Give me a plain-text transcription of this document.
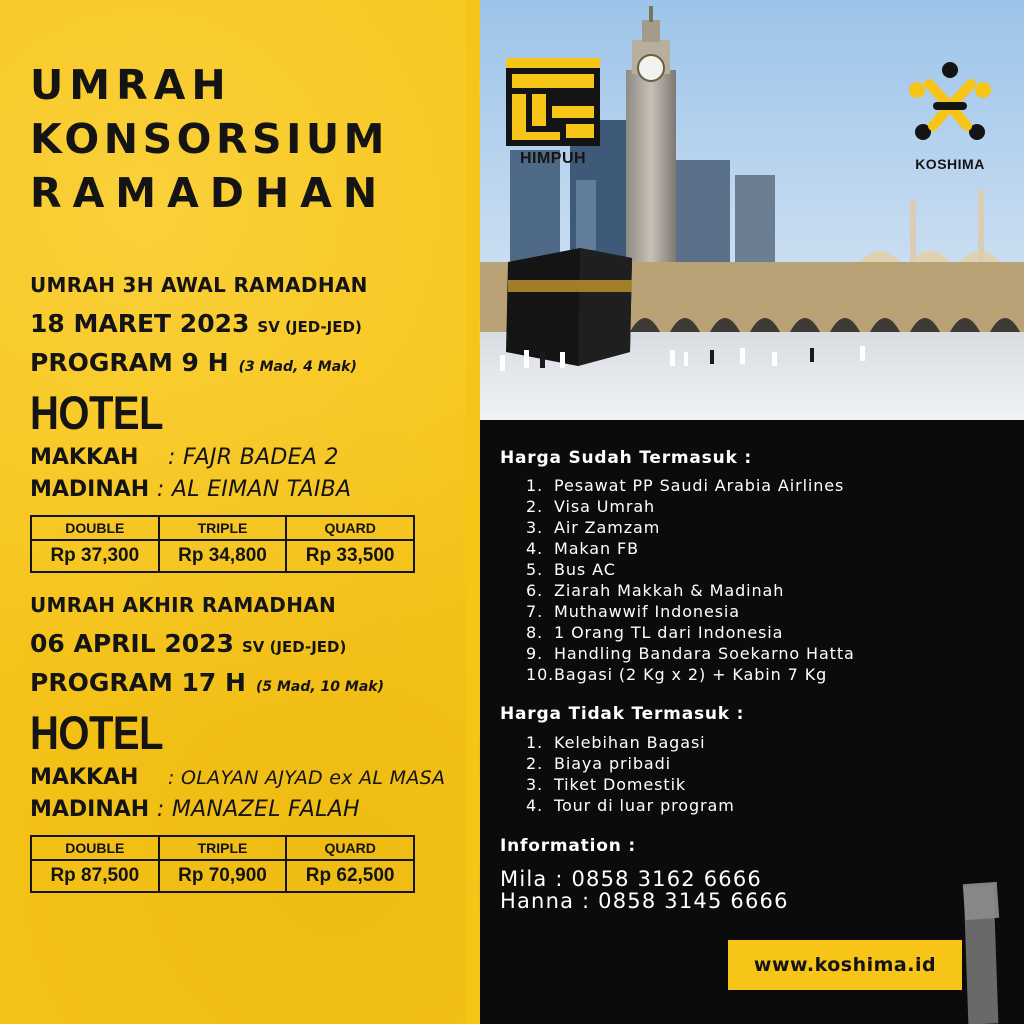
UMRAH
KONSORSIUM
RAMADHAN
UMRAH 3H AWAL RAMADHAN
18 MARET 2023 SV (JED-JED)
PROGRAM 9 H (3 Mad, 4 Mak)
HOTEL
MAKKAH : FAJR BADEA 2
MADINAH : AL EIMAN TAIBA
DOUBLE	TRIPLE	QUARD
Rp 37,300	Rp 34,800	Rp 33,500
UMRAH AKHIR RAMADHAN
06 APRIL 2023 SV (JED-JED)
PROGRAM 17 H (5 Mad, 10 Mak)
HOTEL
MAKKAH : OLAYAN AJYAD ex AL MASA
MADINAH : MANAZEL FALAH
DOUBLE	TRIPLE	QUARD
Rp 87,500	Rp 70,900	Rp 62,500
HIMPUH	KOSHIMA
Harga Sudah Termasuk :
1. Pesawat PP Saudi Arabia Airlines
2. Visa Umrah
3. Air Zamzam
4. Makan FB
5. Bus AC
6. Ziarah Makkah & Madinah
7. Muthawwif Indonesia
8. 1 Orang TL dari Indonesia
9. Handling Bandara Soekarno Hatta
10.Bagasi (2 Kg x 2) + Kabin 7 Kg
Harga Tidak Termasuk :
1. Kelebihan Bagasi
2. Biaya pribadi
3. Tiket Domestik
4. Tour di luar program
Information :
Mila : 0858 3162 6666
Hanna : 0858 3145 6666
www.koshima.id
